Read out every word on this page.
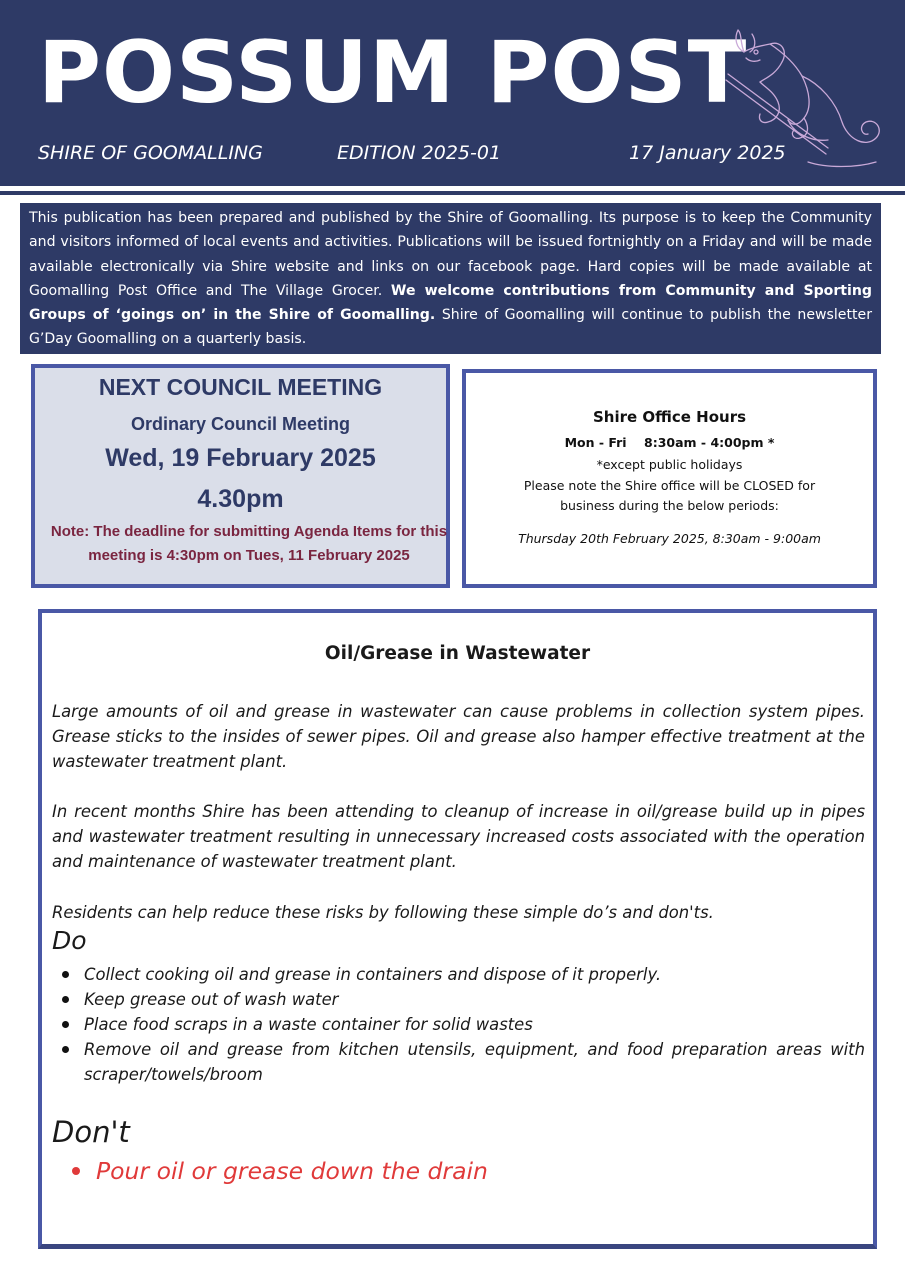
POSSUM POST
SHIRE OF GOOMALLING	EDITION 2025-01	17 January 2025
This publication has been prepared and published by the Shire of Goomalling. Its purpose is to keep the Community and visitors informed of local events and activities. Publications will be issued fortnightly on a Friday and will be made available electronically via Shire website and links on our facebook page. Hard copies will be made available at Goomalling Post Office and The Village Grocer. We welcome contributions from Community and Sporting Groups of ‘goings on’ in the Shire of Goomalling. Shire of Goomalling will continue to publish the newsletter G’Day Goomalling on a quarterly basis.
NEXT COUNCIL MEETING
Ordinary Council Meeting
Wed, 19 February 2025
4.30pm
Note: The deadline for submitting Agenda Items for this
meeting is 4:30pm on Tues, 11 February 2025
Shire Office Hours
Mon - Fri 8:30am - 4:00pm *
*except public holidays
Please note the Shire office will be CLOSED for
business during the below periods:
Thursday 20th February 2025, 8:30am - 9:00am
Oil/Grease in Wastewater
Large amounts of oil and grease in wastewater can cause problems in collection system pipes. Grease sticks to the insides of sewer pipes. Oil and grease also hamper effective treatment at the wastewater treatment plant.
In recent months Shire has been attending to cleanup of increase in oil/grease build up in pipes and wastewater treatment resulting in unnecessary increased costs associated with the operation and maintenance of wastewater treatment plant.
Residents can help reduce these risks by following these simple do’s and don'ts.
Do
Collect cooking oil and grease in containers and dispose of it properly.
Keep grease out of wash water
Place food scraps in a waste container for solid wastes
Remove oil and grease from kitchen utensils, equipment, and food preparation areas with scraper/towels/broom
Don't
Pour oil or grease down the drain
